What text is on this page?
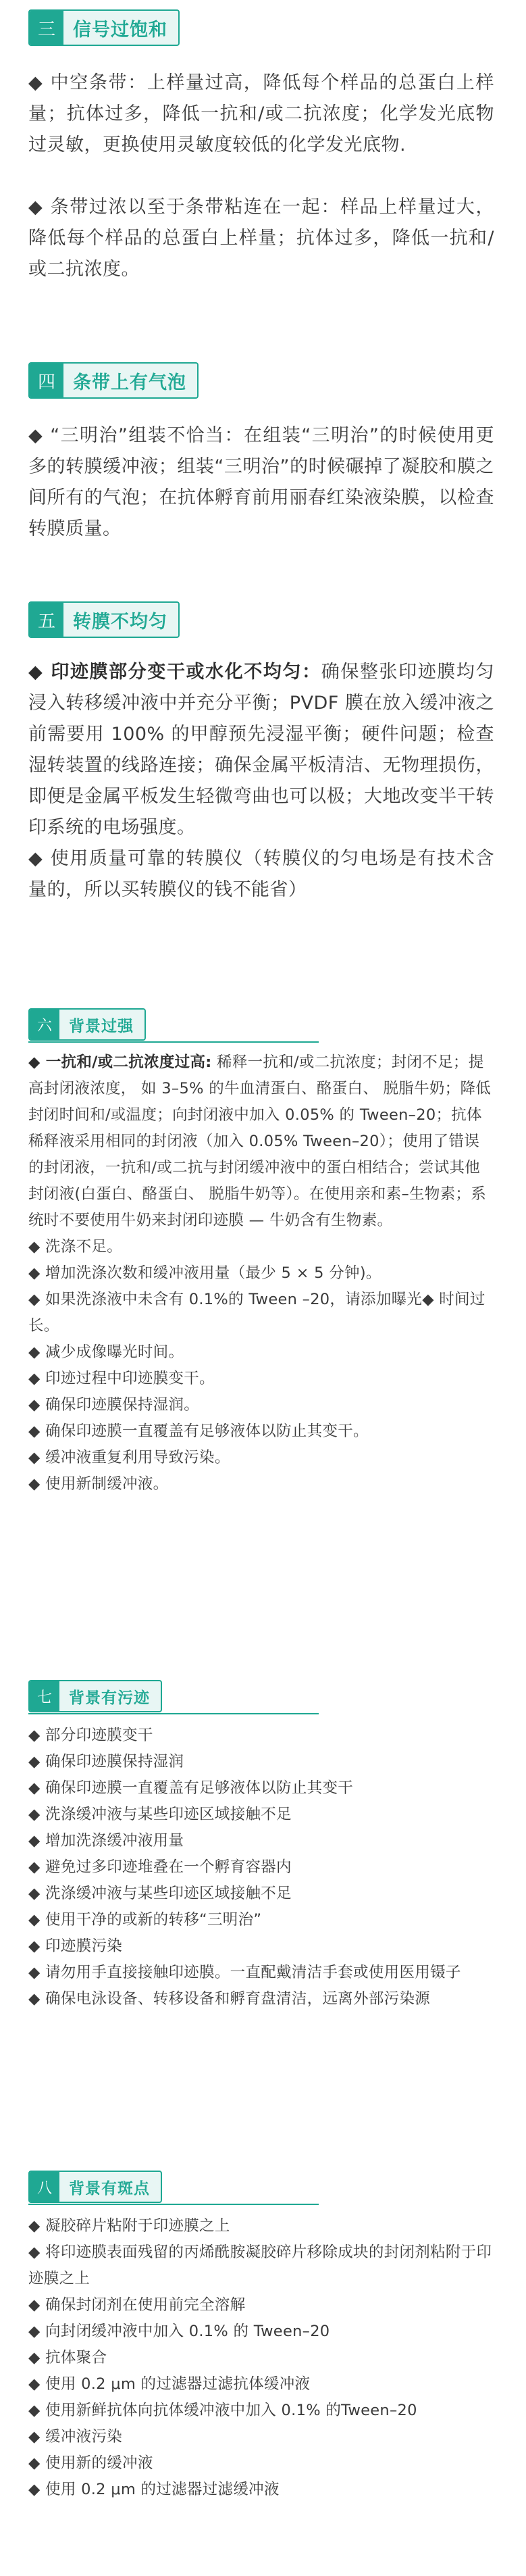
三 信号过饱和

◆ 中空条带：上样量过高，降低每个样品的总蛋白上样量；抗体过多，降低一抗和/或二抗浓度；化学发光底物过灵敏，更换使用灵敏度较低的化学发光底物.

◆ 条带过浓以至于条带粘连在一起：样品上样量过大，降低每个样品的总蛋白上样量；抗体过多，降低一抗和/或二抗浓度。

四 条带上有气泡

◆ “三明治”组装不恰当：在组装“三明治”的时候使用更多的转膜缓冲液；组装“三明治”的时候碾掉了凝胶和膜之间所有的气泡；在抗体孵育前用丽春红染液染膜，以检查转膜质量。

五 转膜不均匀

◆ 印迹膜部分变干或水化不均匀：确保整张印迹膜均匀浸入转移缓冲液中并充分平衡；PVDF 膜在放入缓冲液之前需要用 100% 的甲醇预先浸湿平衡；硬件问题；检查湿转装置的线路连接；确保金属平板清洁、无物理损伤，即便是金属平板发生轻微弯曲也可以极；大地改变半干转印系统的电场强度。

◆ 使用质量可靠的转膜仪（转膜仪的匀电场是有技术含量的，所以买转膜仪的钱不能省）

六	背景过强

◆ 一抗和/或二抗浓度过高: 稀释一抗和/或二抗浓度；封闭不足；提高封闭液浓度， 如 3–5% 的牛血清蛋白、酪蛋白、 脱脂牛奶；降低封闭时间和/或温度；向封闭液中加入 0.05% 的 Tween–20；抗体稀释液采用相同的封闭液（加入 0.05% Tween–20）；使用了错误的封闭液，一抗和/或二抗与封闭缓冲液中的蛋白相结合；尝试其他封闭液(白蛋白、酪蛋白、 脱脂牛奶等）。在使用亲和素–生物素；系统时不要使用牛奶来封闭印迹膜 — 牛奶含有生物素。

◆ 洗涤不足。

◆ 增加洗涤次数和缓冲液用量（最少 5 × 5 分钟)。

◆ 如果洗涤液中未含有 0.1%的 Tween –20，请添加曝光◆ 时间过长。

◆ 减少成像曝光时间。

◆ 印迹过程中印迹膜变干。

◆ 确保印迹膜保持湿润。

◆ 确保印迹膜一直覆盖有足够液体以防止其变干。

◆ 缓冲液重复利用导致污染。

◆ 使用新制缓冲液。

七	背景有污迹

◆ 部分印迹膜变干

◆ 确保印迹膜保持湿润

◆ 确保印迹膜一直覆盖有足够液体以防止其变干

◆ 洗涤缓冲液与某些印迹区域接触不足

◆ 增加洗涤缓冲液用量

◆ 避免过多印迹堆叠在一个孵育容器内

◆ 洗涤缓冲液与某些印迹区域接触不足

◆ 使用干净的或新的转移“三明治”

◆ 印迹膜污染

◆ 请勿用手直接接触印迹膜。一直配戴清洁手套或使用医用镊子

◆ 确保电泳设备、转移设备和孵育盘清洁，远离外部污染源

八	背景有斑点

◆ 凝胶碎片粘附于印迹膜之上

◆ 将印迹膜表面残留的丙烯酰胺凝胶碎片移除成块的封闭剂粘附于印迹膜之上

◆ 确保封闭剂在使用前完全溶解

◆ 向封闭缓冲液中加入 0.1% 的 Tween–20

◆ 抗体聚合

◆ 使用 0.2 μm 的过滤器过滤抗体缓冲液

◆ 使用新鲜抗体向抗体缓冲液中加入 0.1% 的Tween–20

◆ 缓冲液污染

◆ 使用新的缓冲液

◆ 使用 0.2 μm 的过滤器过滤缓冲液
